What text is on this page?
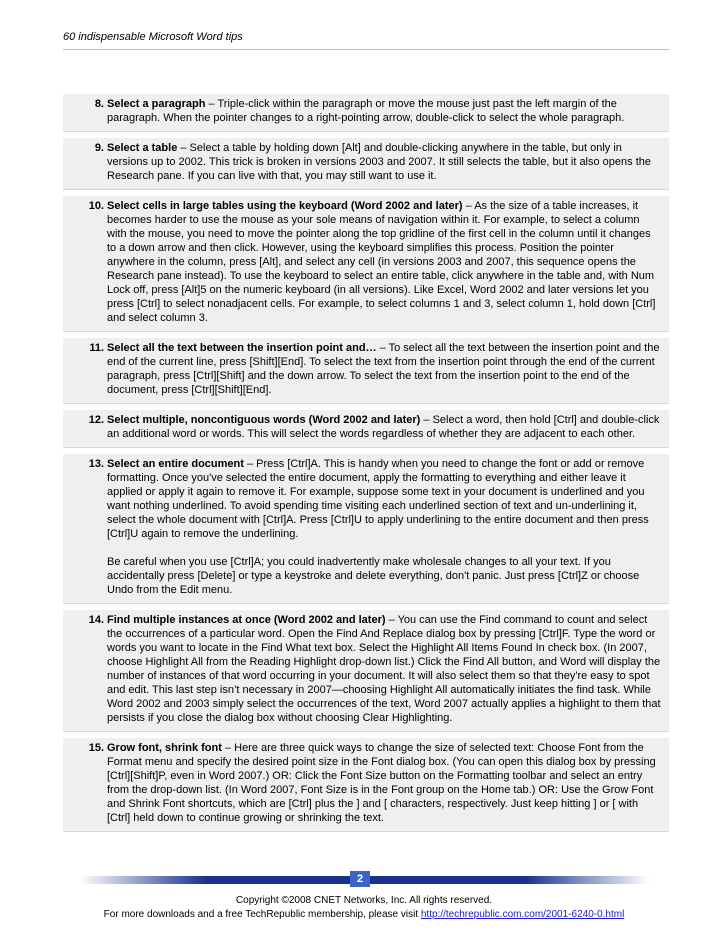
60 indispensable Microsoft Word tips
8. Select a paragraph – Triple-click within the paragraph or move the mouse just past the left margin of the paragraph. When the pointer changes to a right-pointing arrow, double-click to select the whole paragraph.

9. Select a table – Select a table by holding down [Alt] and double-clicking anywhere in the table, but only in versions up to 2002. This trick is broken in versions 2003 and 2007. It still selects the table, but it also opens the Research pane. If you can live with that, you may still want to use it.

10. Select cells in large tables using the keyboard (Word 2002 and later) – As the size of a table increases, it becomes harder to use the mouse as your sole means of navigation within it. For example, to select a column with the mouse, you need to move the pointer along the top gridline of the first cell in the column until it changes to a down arrow and then click. However, using the keyboard simplifies this process. Position the pointer anywhere in the column, press [Alt], and select any cell (in versions 2003 and 2007, this sequence opens the Research pane instead). To use the keyboard to select an entire table, click anywhere in the table and, with Num Lock off, press [Alt]5 on the numeric keyboard (in all versions). Like Excel, Word 2002 and later versions let you press [Ctrl] to select nonadjacent cells. For example, to select columns 1 and 3, select column 1, hold down [Ctrl] and select column 3.

11. Select all the text between the insertion point and… – To select all the text between the insertion point and the end of the current line, press [Shift][End]. To select the text from the insertion point through the end of the current paragraph, press [Ctrl][Shift] and the down arrow. To select the text from the insertion point to the end of the document, press [Ctrl][Shift][End].

12. Select multiple, noncontiguous words (Word 2002 and later) – Select a word, then hold [Ctrl] and double-click an additional word or words. This will select the words regardless of whether they are adjacent to each other.

13. Select an entire document – Press [Ctrl]A. This is handy when you need to change the font or add or remove formatting. Once you've selected the entire document, apply the formatting to everything and either leave it applied or apply it again to remove it. For example, suppose some text in your document is underlined and you want nothing underlined. To avoid spending time visiting each underlined section of text and un-underlining it, select the whole document with [Ctrl]A. Press [Ctrl]U to apply underlining to the entire document and then press [Ctrl]U again to remove the underlining.

Be careful when you use [Ctrl]A; you could inadvertently make wholesale changes to all your text. If you accidentally press [Delete] or type a keystroke and delete everything, don't panic. Just press [Ctrl]Z or choose Undo from the Edit menu.

14. Find multiple instances at once (Word 2002 and later) – You can use the Find command to count and select the occurrences of a particular word. Open the Find And Replace dialog box by pressing [Ctrl]F. Type the word or words you want to locate in the Find What text box. Select the Highlight All Items Found In check box. (In 2007, choose Highlight All from the Reading Highlight drop-down list.) Click the Find All button, and Word will display the number of instances of that word occurring in your document. It will also select them so that they're easy to spot and edit. This last step isn’t necessary in 2007—choosing Highlight All automatically initiates the find task. While Word 2002 and 2003 simply select the occurrences of the text, Word 2007 actually applies a highlight to them that persists if you close the dialog box without choosing Clear Highlighting.

15. Grow font, shrink font – Here are three quick ways to change the size of selected text: Choose Font from the Format menu and specify the desired point size in the Font dialog box. (You can open this dialog box by pressing [Ctrl][Shift]P, even in Word 2007.) OR: Click the Font Size button on the Formatting toolbar and select an entry from the drop-down list. (In Word 2007, Font Size is in the Font group on the Home tab.) OR: Use the Grow Font and Shrink Font shortcuts, which are [Ctrl] plus the ] and [ characters, respectively. Just keep hitting ] or [ with [Ctrl] held down to continue growing or shrinking the text.

2
Copyright ©2008 CNET Networks, Inc. All rights reserved.
For more downloads and a free TechRepublic membership, please visit http://techrepublic.com.com/2001-6240-0.html
